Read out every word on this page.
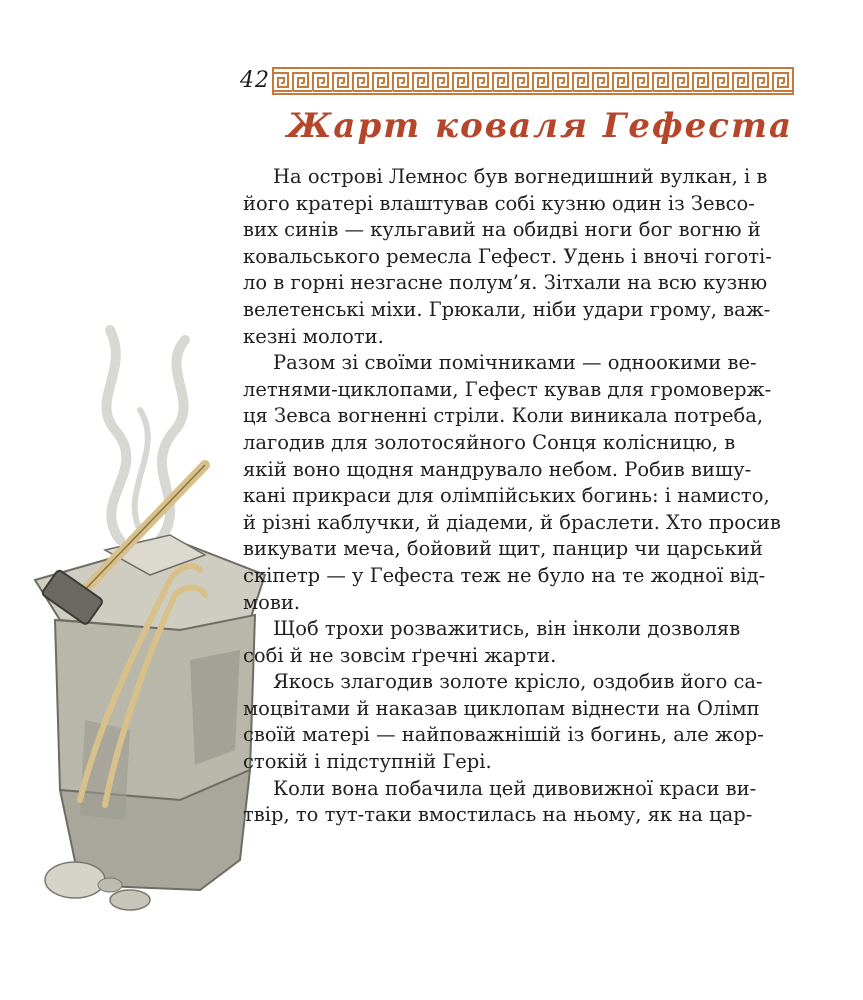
42
Жарт коваля Гефеста

На острові Лемнос був вогнедишний вулкан, і в
його кратері влаштував собі кузню один із Зевсо-
вих синів — кульгавий на обидві ноги бог вогню й
ковальського ремесла Гефест. Удень і вночі гоготі-
ло в горні незгасне полум’я. Зітхали на всю кузню
велетенські міхи. Грюкали, ніби удари грому, важ-
кезні молоти.

Разом зі своїми помічниками — одноокими ве-
летнями-циклопами, Гефест кував для громоверж-
ця Зевса вогненні стріли. Коли виникала потреба,
лагодив для золотосяйного Сонця колісницю, в
якій воно щодня мандрувало небом. Робив вишу-
кані прикраси для олімпійських богинь: і намисто,
й різні каблучки, й діадеми, й браслети. Хто просив
викувати меча, бойовий щит, панцир чи царський
скіпетр — у Гефеста теж не було на те жодної від-
мови.

Щоб трохи розважитись, він інколи дозволяв
собі й не зовсім ґречні жарти.

Якось злагодив золоте крісло, оздобив його са-
моцвітами й наказав циклопам віднести на Олімп
своїй матері — найповажнішій із богинь, але жор-
стокій і підступній Гері.

Коли вона побачила цей дивовижної краси ви-
твір, то тут-таки вмостилась на ньому, як на цар-
